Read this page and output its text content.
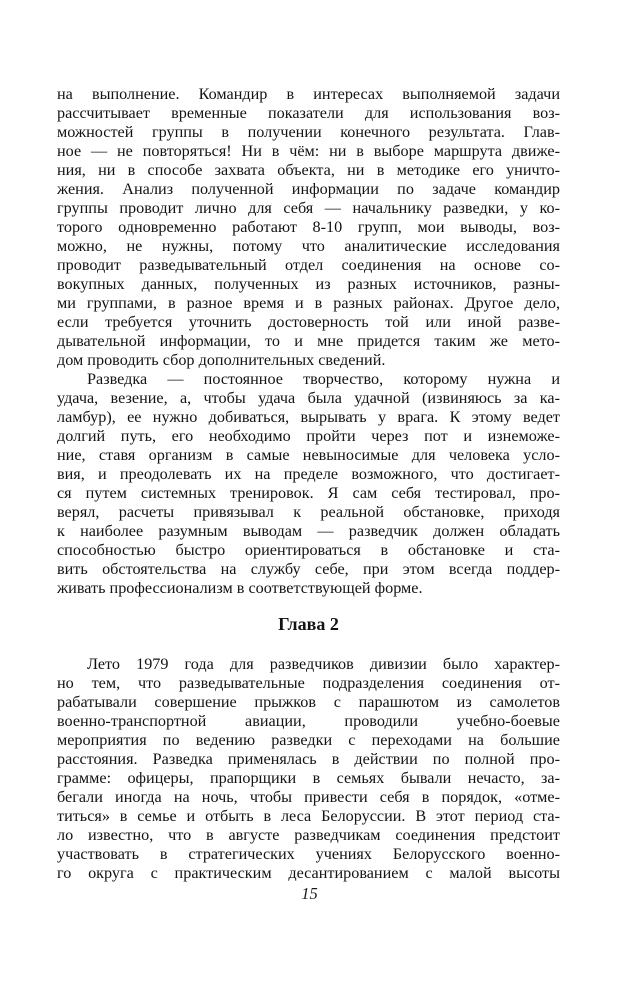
на выполнение. Командир в интересах выполняемой задачи
рассчитывает временные показатели для использования воз-
можностей группы в получении конечного результата. Глав-
ное — не повторяться! Ни в чём: ни в выборе маршрута движе-
ния, ни в способе захвата объекта, ни в методике его уничто-
жения. Анализ полученной информации по задаче командир
группы проводит лично для себя — начальнику разведки, у ко-
торого одновременно работают 8-10 групп, мои выводы, воз-
можно, не нужны, потому что аналитические исследования
проводит разведывательный отдел соединения на основе со-
вокупных данных, полученных из разных источников, разны-
ми группами, в разное время и в разных районах. Другое дело,
если требуется уточнить достоверность той или иной разве-
дывательной информации, то и мне придется таким же мето-
дом проводить сбор дополнительных сведений.
Разведка — постоянное творчество, которому нужна и
удача, везение, а, чтобы удача была удачной (извиняюсь за ка-
ламбур), ее нужно добиваться, вырывать у врага. К этому ведет
долгий путь, его необходимо пройти через пот и изнеможе-
ние, ставя организм в самые невыносимые для человека усло-
вия, и преодолевать их на пределе возможного, что достигает-
ся путем системных тренировок. Я сам себя тестировал, про-
верял, расчеты привязывал к реальной обстановке, приходя
к наиболее разумным выводам — разведчик должен обладать
способностью быстро ориентироваться в обстановке и ста-
вить обстоятельства на службу себе, при этом всегда поддер-
живать профессионализм в соответствующей форме.
Глава 2
Лето 1979 года для разведчиков дивизии было характер-
но тем, что разведывательные подразделения соединения от-
рабатывали совершение прыжков с парашютом из самолетов
военно-транспортной авиации, проводили учебно-боевые
мероприятия по ведению разведки с переходами на большие
расстояния. Разведка применялась в действии по полной про-
грамме: офицеры, прапорщики в семьях бывали нечасто, за-
бегали иногда на ночь, чтобы привести себя в порядок, «отме-
титься» в семье и отбыть в леса Белоруссии. В этот период ста-
ло известно, что в августе разведчикам соединения предстоит
участвовать в стратегических учениях Белорусского военно-
го округа с практическим десантированием с малой высоты
15
